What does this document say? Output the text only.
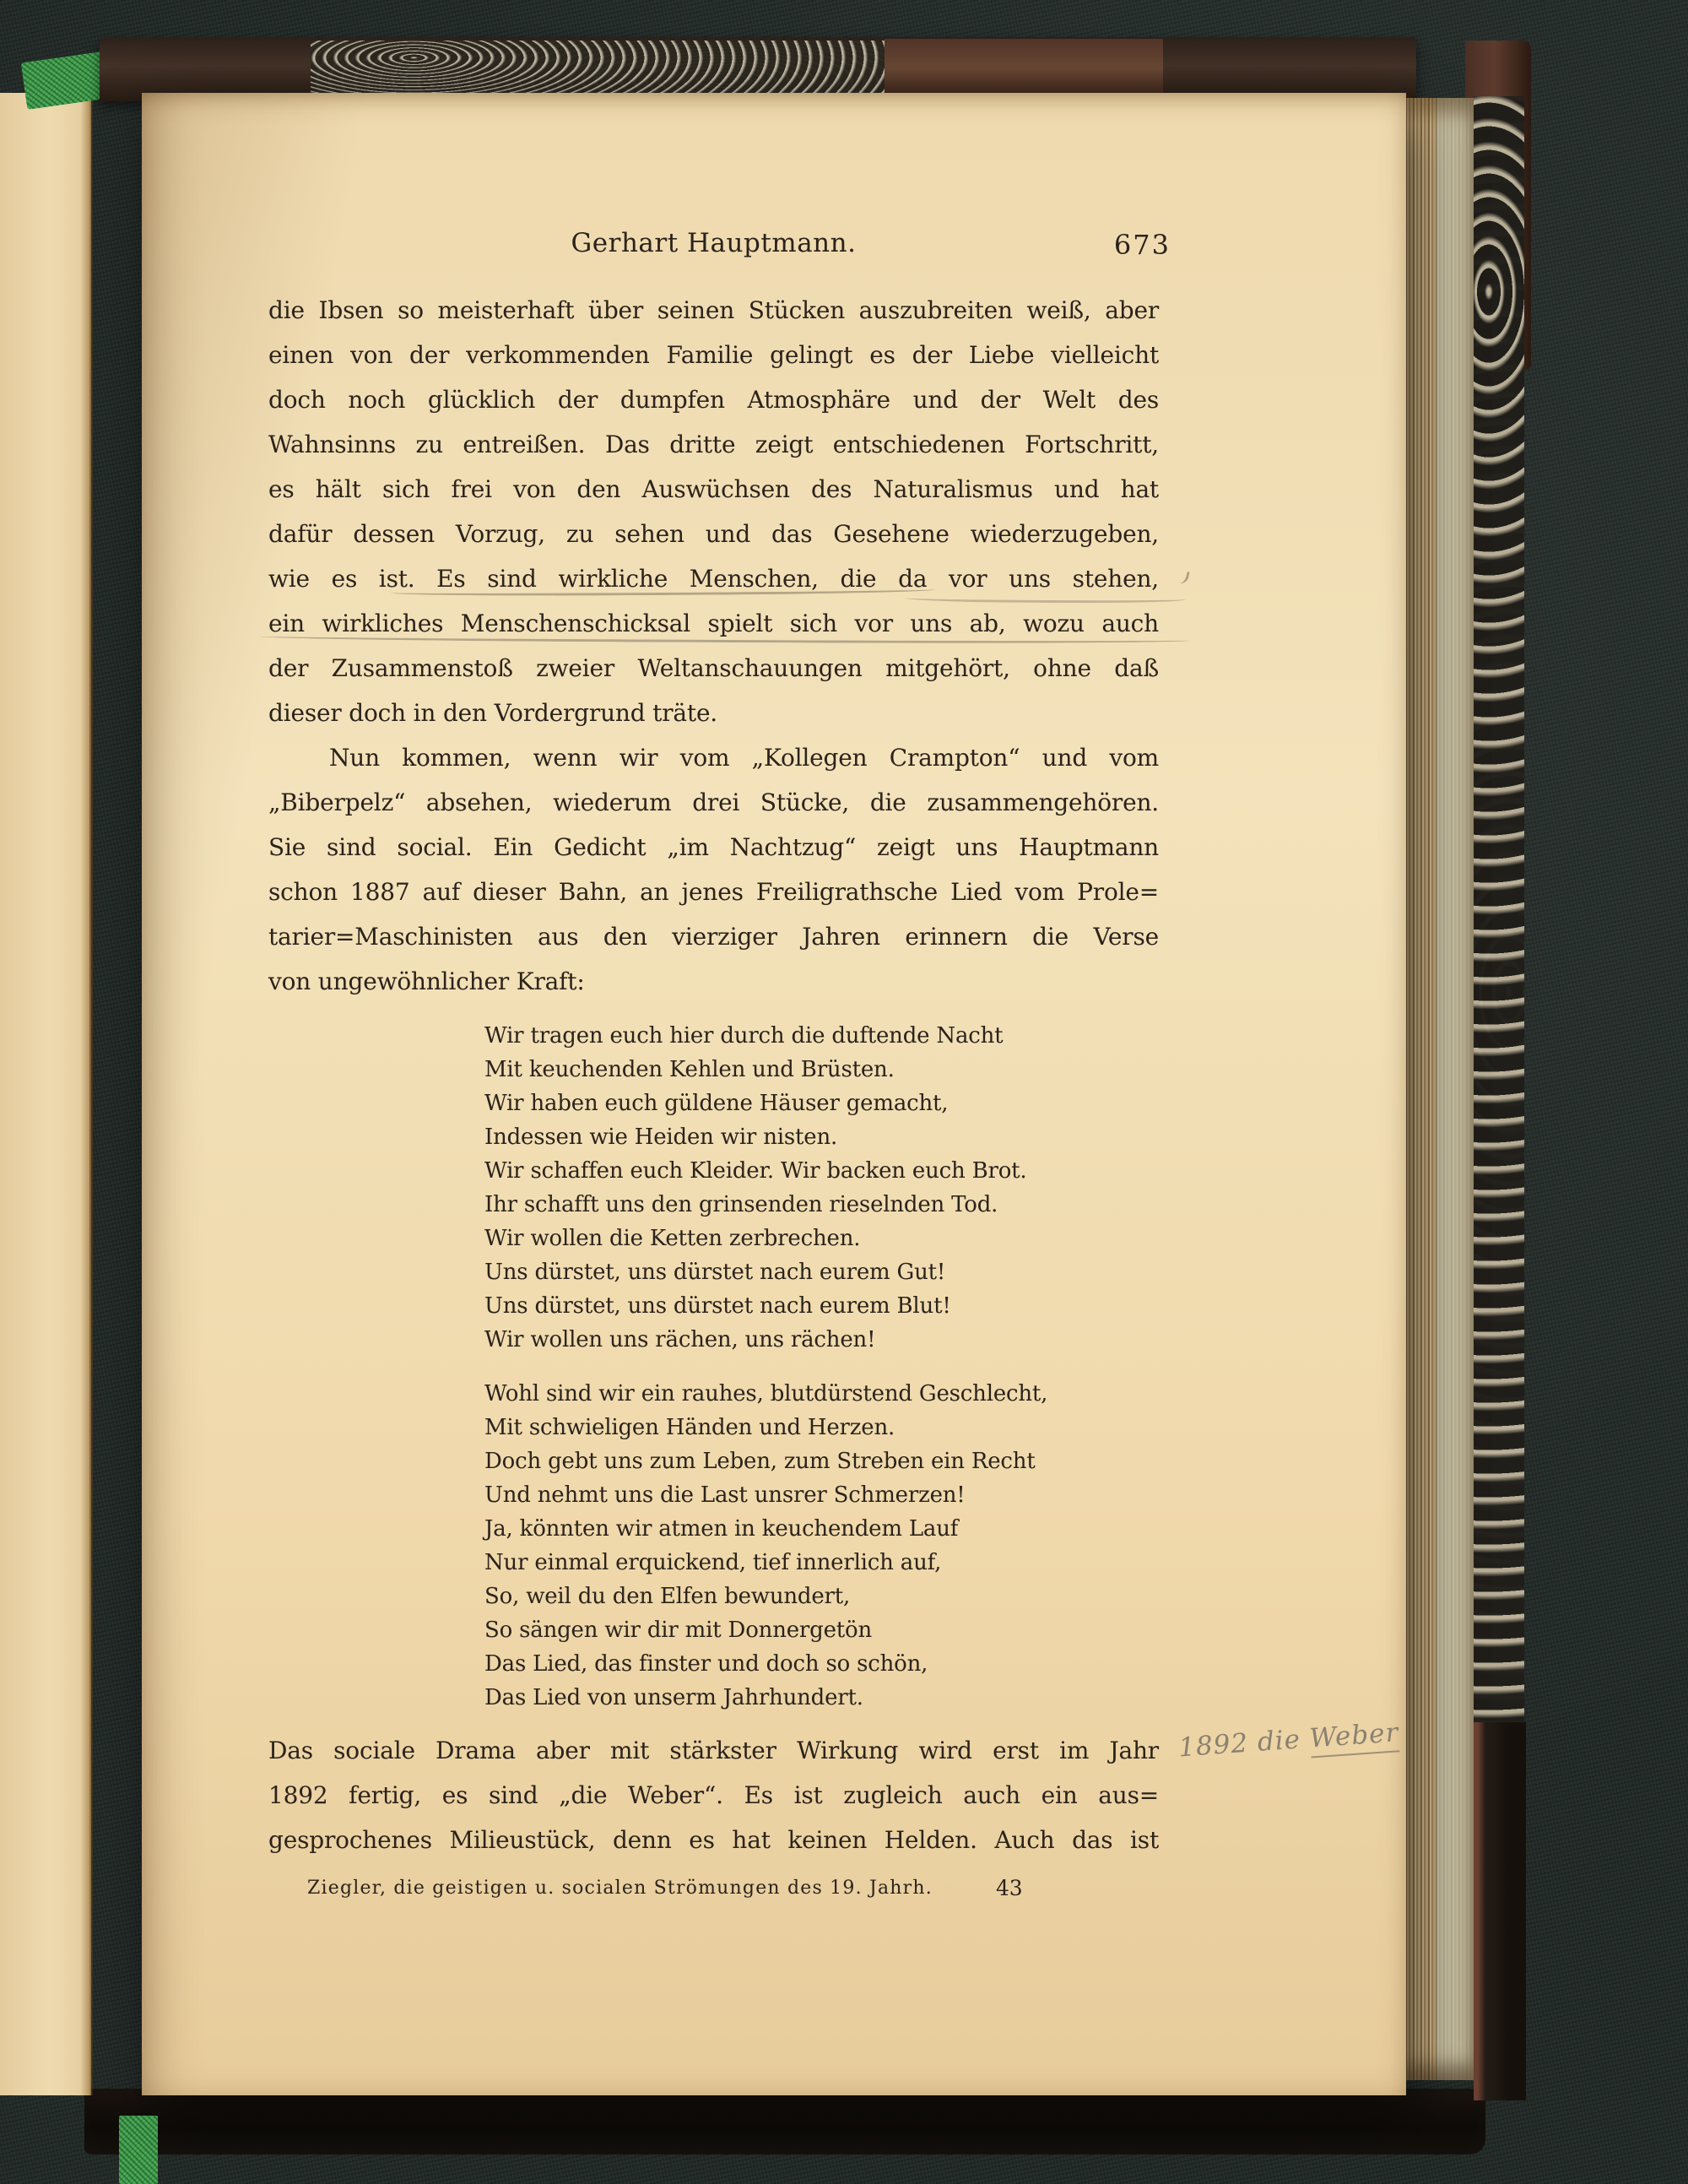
Gerhart Hauptmann.	673
die Ibsen so meisterhaft über seinen Stücken auszubreiten weiß, aber
einen von der verkommenden Familie gelingt es der Liebe vielleicht
doch noch glücklich der dumpfen Atmosphäre und der Welt des
Wahnsinns zu entreißen. Das dritte zeigt entschiedenen Fortschritt,
es hält sich frei von den Auswüchsen des Naturalismus und hat
dafür dessen Vorzug, zu sehen und das Gesehene wiederzugeben,
wie es ist. Es sind wirkliche Menschen, die da vor uns stehen,
ein wirkliches Menschenschicksal spielt sich vor uns ab, wozu auch
der Zusammenstoß zweier Weltanschauungen mitgehört, ohne daß
dieser doch in den Vordergrund träte.
Nun kommen, wenn wir vom „Kollegen Crampton“ und vom
„Biberpelz“ absehen, wiederum drei Stücke, die zusammengehören.
Sie sind social. Ein Gedicht „im Nachtzug“ zeigt uns Hauptmann
schon 1887 auf dieser Bahn, an jenes Freiligrathsche Lied vom Prole=
tarier=Maschinisten aus den vierziger Jahren erinnern die Verse
von ungewöhnlicher Kraft:
Wir tragen euch hier durch die duftende Nacht
Mit keuchenden Kehlen und Brüsten.
Wir haben euch güldene Häuser gemacht,
Indessen wie Heiden wir nisten.
Wir schaffen euch Kleider. Wir backen euch Brot.
Ihr schafft uns den grinsenden rieselnden Tod.
Wir wollen die Ketten zerbrechen.
Uns dürstet, uns dürstet nach eurem Gut!
Uns dürstet, uns dürstet nach eurem Blut!
Wir wollen uns rächen, uns rächen!
Wohl sind wir ein rauhes, blutdürstend Geschlecht,
Mit schwieligen Händen und Herzen.
Doch gebt uns zum Leben, zum Streben ein Recht
Und nehmt uns die Last unsrer Schmerzen!
Ja, könnten wir atmen in keuchendem Lauf
Nur einmal erquickend, tief innerlich auf,
So, weil du den Elfen bewundert,
So sängen wir dir mit Donnergetön
Das Lied, das finster und doch so schön,
Das Lied von unserm Jahrhundert.
Das sociale Drama aber mit stärkster Wirkung wird erst im Jahr
1892 fertig, es sind „die Weber“. Es ist zugleich auch ein aus=
gesprochenes Milieustück, denn es hat keinen Helden. Auch das ist
Ziegler, die geistigen u. socialen Strömungen des 19. Jahrh.	43
1892 die Weber
